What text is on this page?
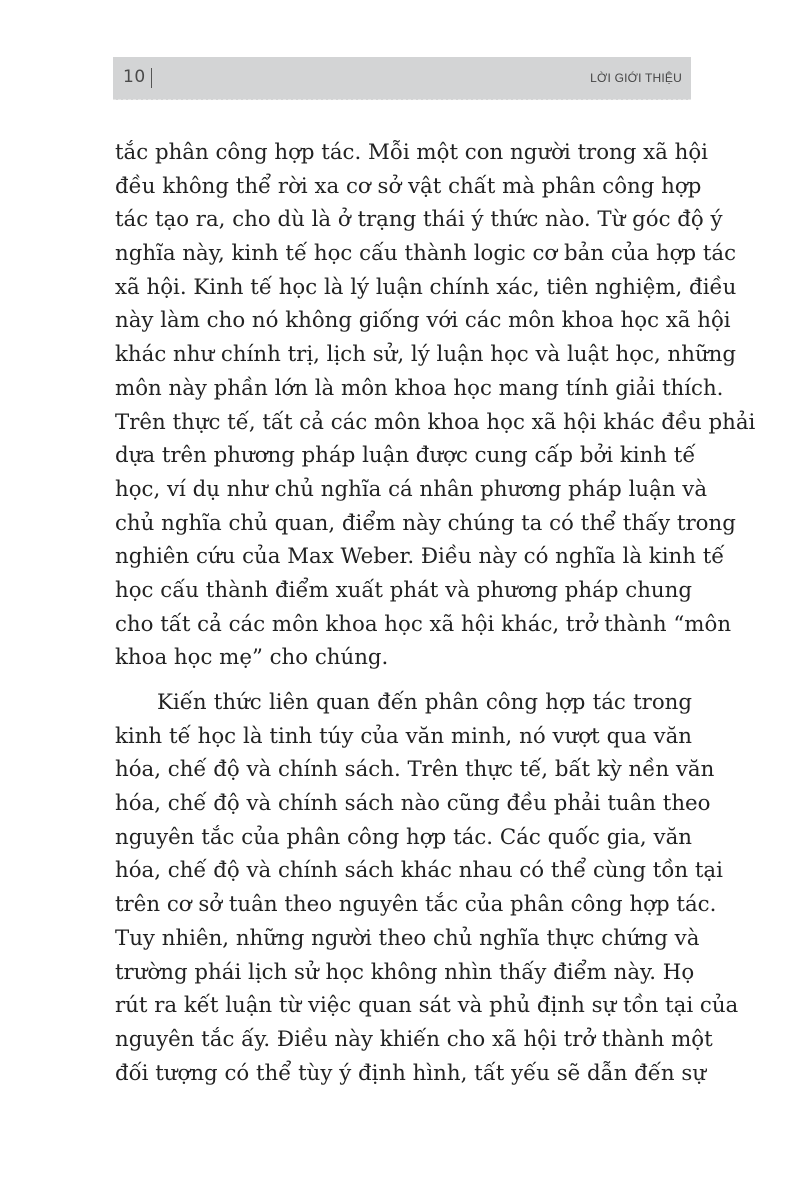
10	LỜI GIỚI THIỆU

tắc phân công hợp tác. Mỗi một con người trong xã hội
đều không thể rời xa cơ sở vật chất mà phân công hợp
tác tạo ra, cho dù là ở trạng thái ý thức nào. Từ góc độ ý
nghĩa này, kinh tế học cấu thành logic cơ bản của hợp tác
xã hội. Kinh tế học là lý luận chính xác, tiên nghiệm, điều
này làm cho nó không giống với các môn khoa học xã hội
khác như chính trị, lịch sử, lý luận học và luật học, những
môn này phần lớn là môn khoa học mang tính giải thích.
Trên thực tế, tất cả các môn khoa học xã hội khác đều phải
dựa trên phương pháp luận được cung cấp bởi kinh tế
học, ví dụ như chủ nghĩa cá nhân phương pháp luận và
chủ nghĩa chủ quan, điểm này chúng ta có thể thấy trong
nghiên cứu của Max Weber. Điều này có nghĩa là kinh tế
học cấu thành điểm xuất phát và phương pháp chung
cho tất cả các môn khoa học xã hội khác, trở thành “môn
khoa học mẹ” cho chúng.

Kiến thức liên quan đến phân công hợp tác trong
kinh tế học là tinh túy của văn minh, nó vượt qua văn
hóa, chế độ và chính sách. Trên thực tế, bất kỳ nền văn
hóa, chế độ và chính sách nào cũng đều phải tuân theo
nguyên tắc của phân công hợp tác. Các quốc gia, văn
hóa, chế độ và chính sách khác nhau có thể cùng tồn tại
trên cơ sở tuân theo nguyên tắc của phân công hợp tác.
Tuy nhiên, những người theo chủ nghĩa thực chứng và
trường phái lịch sử học không nhìn thấy điểm này. Họ
rút ra kết luận từ việc quan sát và phủ định sự tồn tại của
nguyên tắc ấy. Điều này khiến cho xã hội trở thành một
đối tượng có thể tùy ý định hình, tất yếu sẽ dẫn đến sự
